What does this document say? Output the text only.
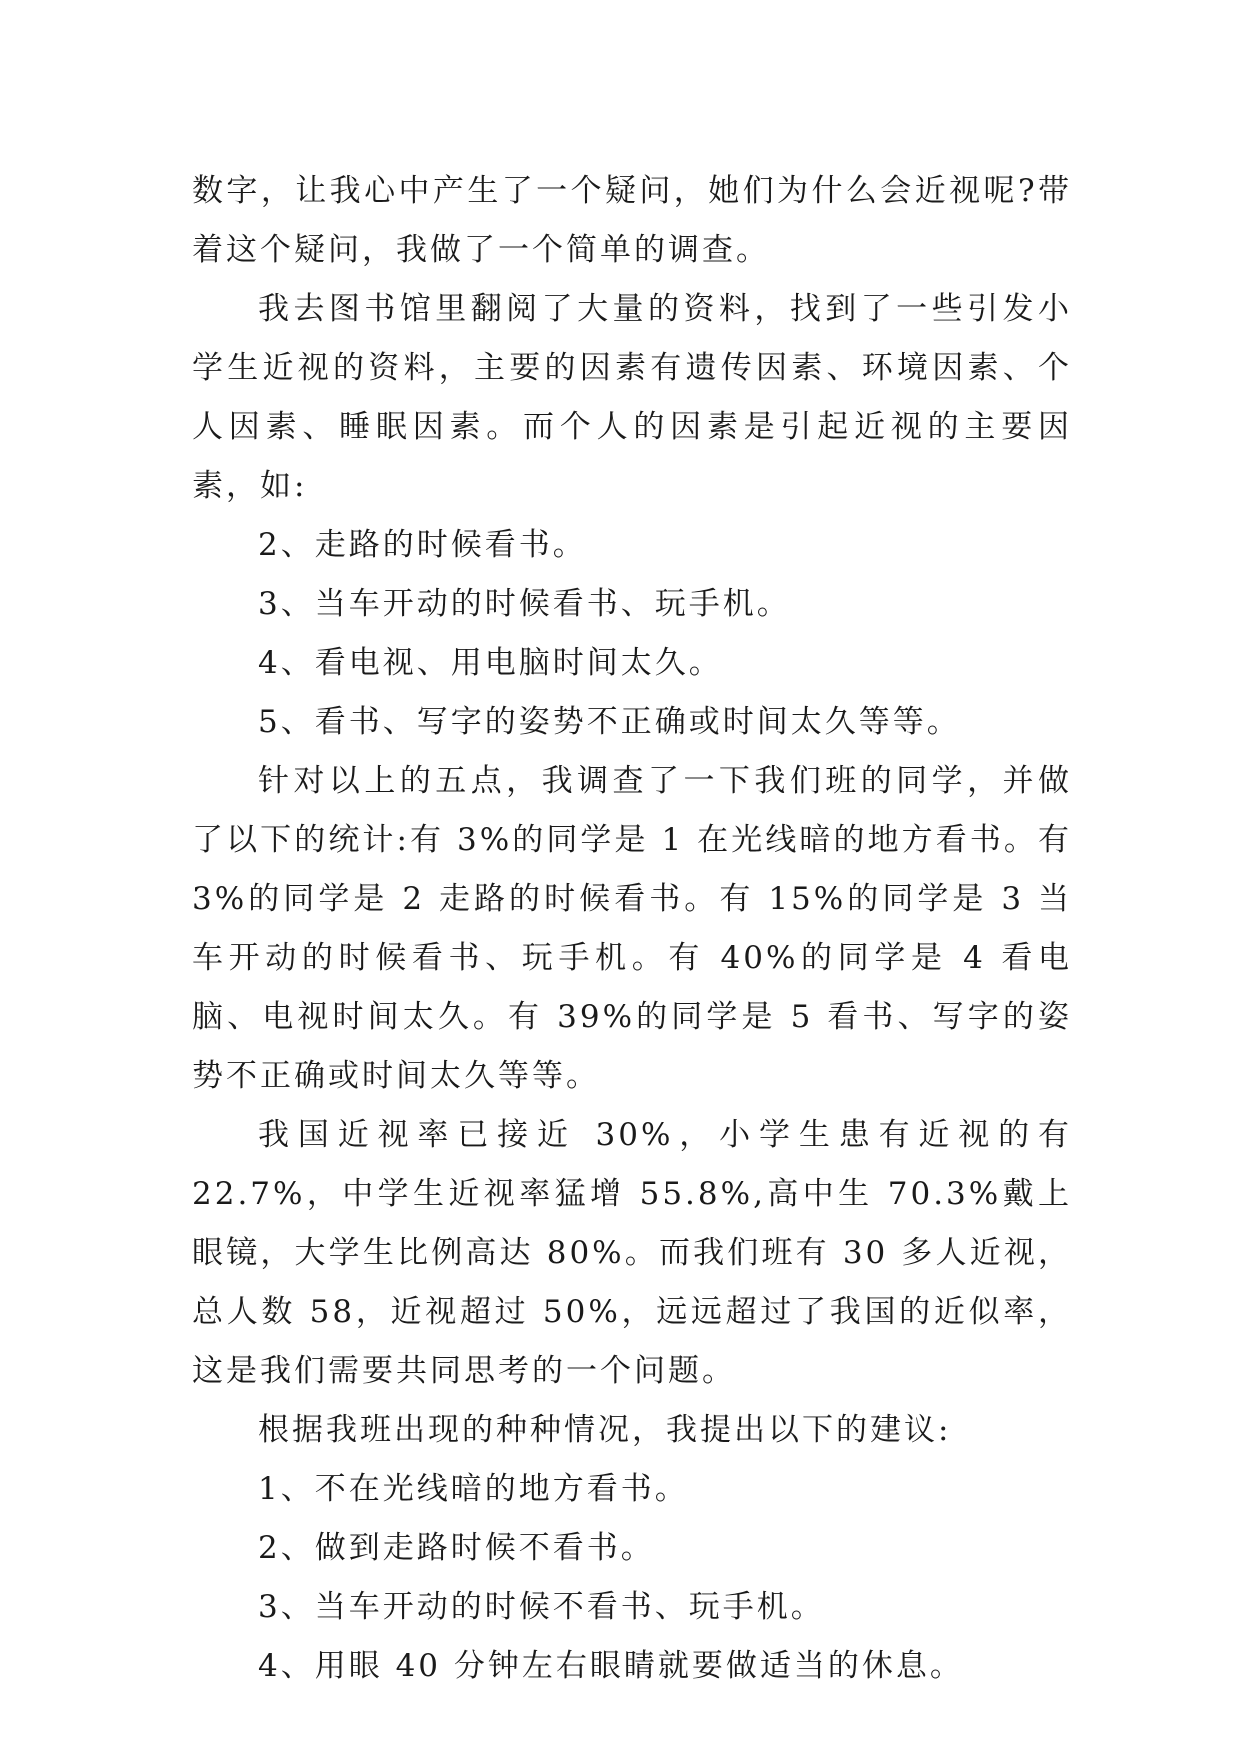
数字，让我心中产生了一个疑问，她们为什么会近视呢?带着这个疑问，我做了一个简单的调查。

我去图书馆里翻阅了大量的资料，找到了一些引发小学生近视的资料，主要的因素有遗传因素、环境因素、个人因素、睡眠因素。而个人的因素是引起近视的主要因素，如:

2、走路的时候看书。

3、当车开动的时候看书、玩手机。

4、看电视、用电脑时间太久。

5、看书、写字的姿势不正确或时间太久等等。

针对以上的五点，我调查了一下我们班的同学，并做了以下的统计:有 3%的同学是 1 在光线暗的地方看书。有 3%的同学是 2 走路的时候看书。有 15%的同学是 3 当车开动的时候看书、玩手机。有 40%的同学是 4 看电脑、电视时间太久。有 39%的同学是 5 看书、写字的姿势不正确或时间太久等等。

我国近视率已接近 30%，小学生患有近视的有 22.7%，中学生近视率猛增 55.8%,高中生 70.3%戴上眼镜，大学生比例高达 80%。而我们班有 30 多人近视，总人数 58，近视超过 50%，远远超过了我国的近似率，这是我们需要共同思考的一个问题。

根据我班出现的种种情况，我提出以下的建议:

1、不在光线暗的地方看书。

2、做到走路时候不看书。

3、当车开动的时候不看书、玩手机。

4、用眼 40 分钟左右眼睛就要做适当的休息。
